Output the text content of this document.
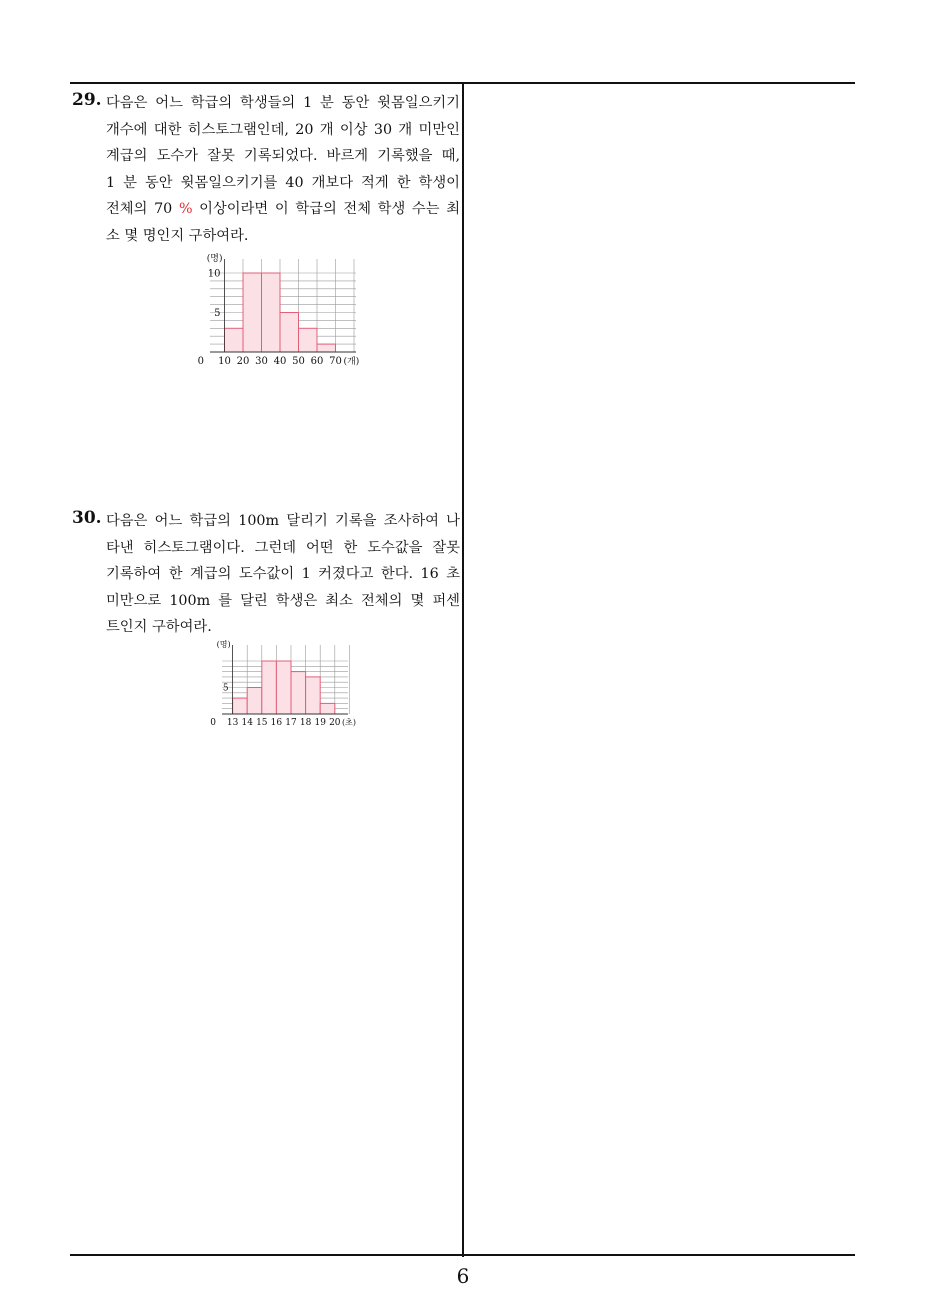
29. 다음은 어느 학급의 학생들의 1 분 동안 윗몸일으키기
개수에 대한 히스토그램인데, 20 개 이상 30 개 미만인
계급의 도수가 잘못 기록되었다. 바르게 기록했을 때,
1 분 동안 윗몸일으키기를 40 개보다 적게 한 학생이
전체의 70 % 이상이라면 이 학급의 전체 학생 수는 최
소 몇 명인지 구하여라.
0
5
10
(명)
10 20 30 40 50 60 70 (개)
30. 다음은 어느 학급의 100m 달리기 기록을 조사하여 나
타낸 히스토그램이다. 그런데 어떤 한 도수값을 잘못
기록하여 한 계급의 도수값이 1 커졌다고 한다. 16 초
미만으로 100m 를 달린 학생은 최소 전체의 몇 퍼센
트인지 구하여라.
0
5
(명)
13 14 15 16 17 18 19 20 (초)
6
